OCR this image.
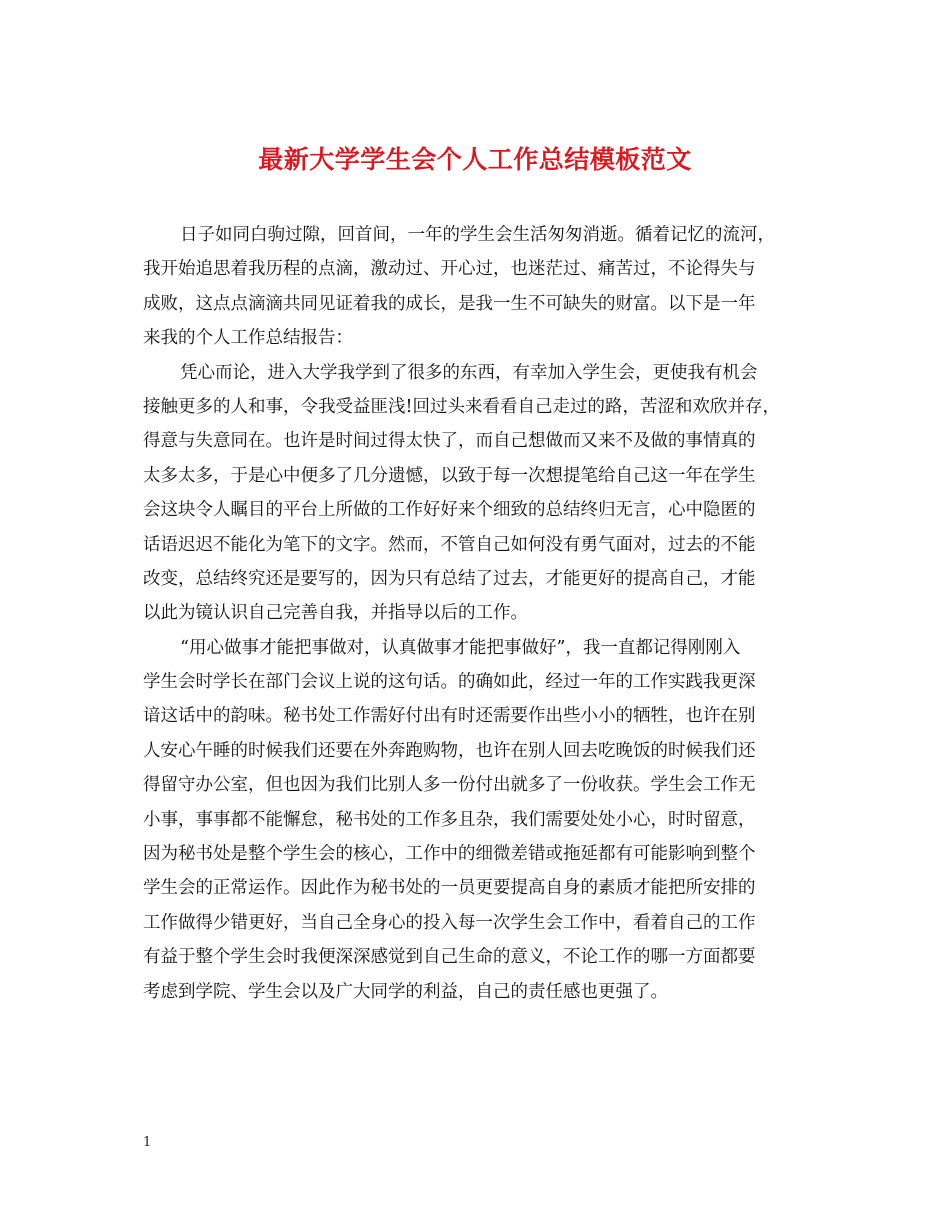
最新大学学生会个人工作总结模板范文
日子如同白驹过隙，回首间，一年的学生会生活匆匆消逝。循着记忆的流河，
我开始追思着我历程的点滴，激动过、开心过，也迷茫过、痛苦过，不论得失与
成败，这点点滴滴共同见证着我的成长，是我一生不可缺失的财富。以下是一年
来我的个人工作总结报告：
凭心而论，进入大学我学到了很多的东西，有幸加入学生会，更使我有机会
接触更多的人和事，令我受益匪浅!回过头来看看自己走过的路，苦涩和欢欣并存，
得意与失意同在。也许是时间过得太快了，而自己想做而又来不及做的事情真的
太多太多，于是心中便多了几分遗憾，以致于每一次想提笔给自己这一年在学生
会这块令人瞩目的平台上所做的工作好好来个细致的总结终归无言，心中隐匿的
话语迟迟不能化为笔下的文字。然而，不管自己如何没有勇气面对，过去的不能
改变，总结终究还是要写的，因为只有总结了过去，才能更好的提高自己，才能
以此为镜认识自己完善自我，并指导以后的工作。
“用心做事才能把事做对，认真做事才能把事做好”，我一直都记得刚刚入
学生会时学长在部门会议上说的这句话。的确如此，经过一年的工作实践我更深
谙这话中的韵味。秘书处工作需好付出有时还需要作出些小小的牺牲，也许在别
人安心午睡的时候我们还要在外奔跑购物，也许在别人回去吃晚饭的时候我们还
得留守办公室，但也因为我们比别人多一份付出就多了一份收获。学生会工作无
小事，事事都不能懈怠，秘书处的工作多且杂，我们需要处处小心，时时留意，
因为秘书处是整个学生会的核心，工作中的细微差错或拖延都有可能影响到整个
学生会的正常运作。因此作为秘书处的一员更要提高自身的素质才能把所安排的
工作做得少错更好，当自己全身心的投入每一次学生会工作中，看着自己的工作
有益于整个学生会时我便深深感觉到自己生命的意义，不论工作的哪一方面都要
考虑到学院、学生会以及广大同学的利益，自己的责任感也更强了。
1
